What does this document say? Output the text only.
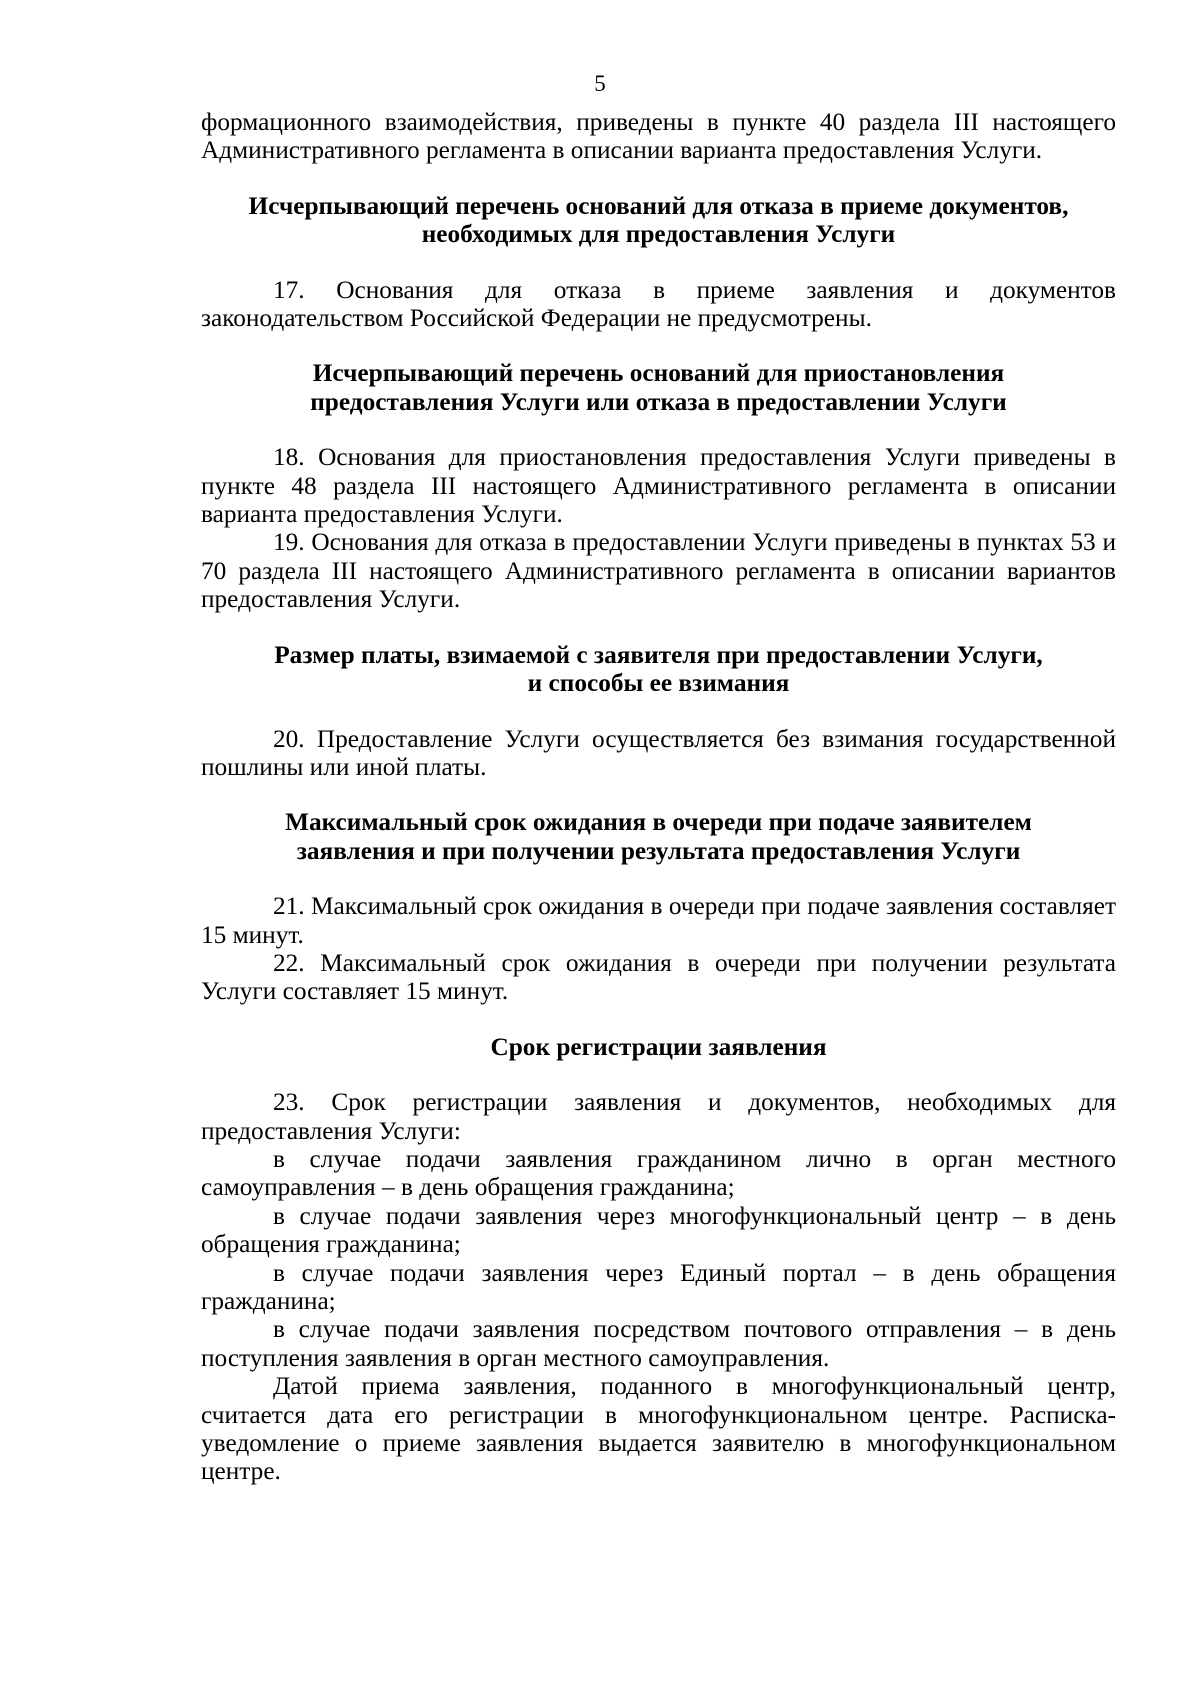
5

формационного взаимодействия, приведены в пункте 40 раздела III настоящего Административного регламента в описании варианта предоставления Услуги.

Исчерпывающий перечень оснований для отказа в приеме документов,
необходимых для предоставления Услуги

17. Основания для отказа в приеме заявления и документов законодательством Российской Федерации не предусмотрены.

Исчерпывающий перечень оснований для приостановления предоставления Услуги или отказа в предоставлении Услуги

18. Основания для приостановления предоставления Услуги приведены в пункте 48 раздела III настоящего Административного регламента в описании варианта предоставления Услуги.

19. Основания для отказа в предоставлении Услуги приведены в пунктах 53 и 70 раздела III настоящего Административного регламента в описании вариантов предоставления Услуги.

Размер платы, взимаемой с заявителя при предоставлении Услуги,
и способы ее взимания

20. Предоставление Услуги осуществляется без взимания государственной пошлины или иной платы.

Максимальный срок ожидания в очереди при подаче заявителем
заявления и при получении результата предоставления Услуги

21. Максимальный срок ожидания в очереди при подаче заявления составляет 15 минут.

22. Максимальный срок ожидания в очереди при получении результата Услуги составляет 15 минут.

Срок регистрации заявления

23. Срок регистрации заявления и документов, необходимых для предоставления Услуги:

в случае подачи заявления гражданином лично в орган местного самоуправления – в день обращения гражданина;

в случае подачи заявления через многофункциональный центр – в день обращения гражданина;

в случае подачи заявления через Единый портал – в день обращения гражданина;

в случае подачи заявления посредством почтового отправления – в день поступления заявления в орган местного самоуправления.

Датой приема заявления, поданного в многофункциональный центр, считается дата его регистрации в многофункциональном центре. Расписка-уведомление о приеме заявления выдается заявителю в многофункциональном центре.
